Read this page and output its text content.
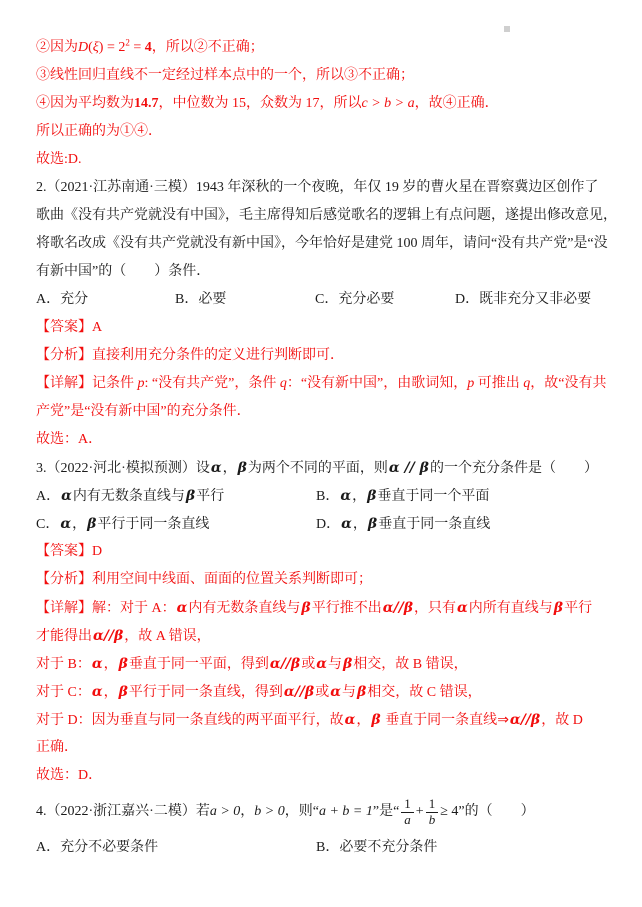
②因为$D(\xi) = 2^2 = 4$，所以②不正确；
③线性回归直线不一定经过样本点中的一个，所以③不正确；
④因为平均数为14.7，中位数为 15，众数为 17，所以c > b > a，故④正确．
所以正确的为①④．
故选:D.
2.（2021·江苏南通·三模）1943 年深秋的一个夜晚，年仅 19 岁的曹火星在晋察冀边区创作了
歌曲《没有共产党就没有中国》，毛主席得知后感觉歌名的逻辑上有点问题，遂提出修改意见，
将歌名改成《没有共产党就没有新中国》，今年恰好是建党 100 周年，请问“没有共产党”是“没
有新中国”的（　　）条件．
A．充分	B．必要	C．充分必要	D．既非充分又非必要
【答案】A
【分析】直接利用充分条件的定义进行判断即可．
【详解】记条件 p: “没有共产党”，条件 q：“没有新中国”，由歌词知，p 可推出 q，故“没有共
产党”是“没有新中国”的充分条件．
故选：A．
3.（2022·河北·模拟预测）设α，β为两个不同的平面，则α // β的一个充分条件是（　　）
A．α内有无数条直线与β平行	B．α，β垂直于同一个平面
C．α，β平行于同一条直线	D．α，β垂直于同一条直线
【答案】D
【分析】利用空间中线面、面面的位置关系判断即可；
【详解】解：对于 A：α内有无数条直线与β平行推不出α//β，只有α内所有直线与β平行
才能得出α//β，故 A 错误，
对于 B：α，β垂直于同一平面，得到α//β或α与β相交，故 B 错误，
对于 C：α，β平行于同一条直线，得到α//β或α与β相交，故 C 错误，
对于 D：因为垂直与同一条直线的两平面平行，故α，β 垂直于同一条直线⇒α//β，故 D
正确．
故选：D．
4.（2022·浙江嘉兴·二模）若 a > 0 ， b > 0 ，则“ a + b = 1 ”是“ $\frac{1}{a} + \frac{1}{b} \ge 4$ ”的（　　）
A．充分不必要条件	B．必要不充分条件
